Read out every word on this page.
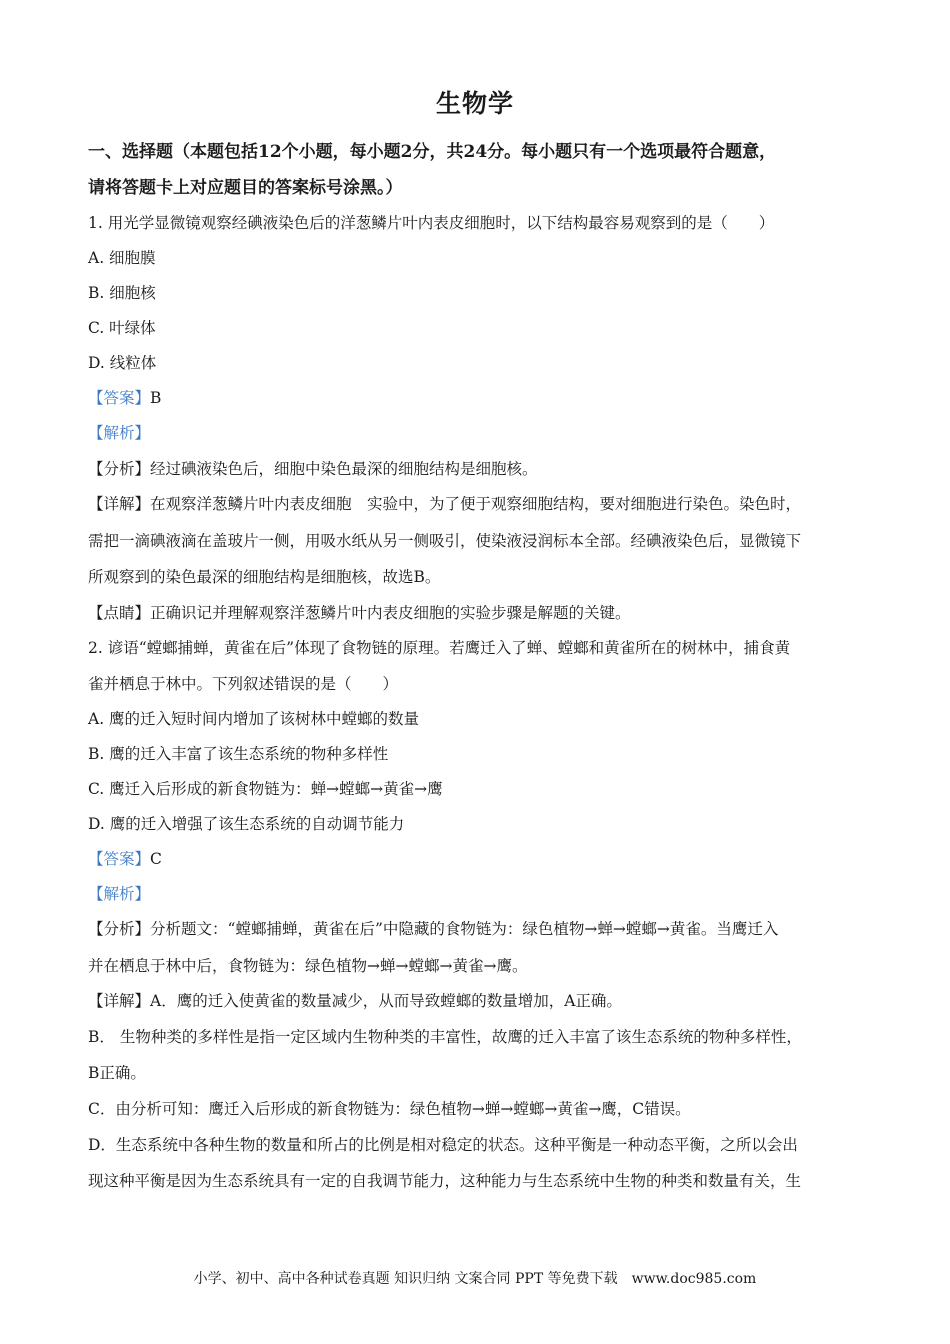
生物学
一、选择题（本题包括12个小题，每小题2分，共24分。每小题只有一个选项最符合题意，
请将答题卡上对应题目的答案标号涂黑。）
1. 用光学显微镜观察经碘液染色后的洋葱鳞片叶内表皮细胞时，以下结构最容易观察到的是（　　）
A. 细胞膜
B. 细胞核
C. 叶绿体
D. 线粒体
【答案】B
【解析】
【分析】经过碘液染色后，细胞中染色最深的细胞结构是细胞核。
【详解】在观察洋葱鳞片叶内表皮细胞　实验中，为了便于观察细胞结构，要对细胞进行染色。染色时，
需把一滴碘液滴在盖玻片一侧，用吸水纸从另一侧吸引，使染液浸润标本全部。经碘液染色后，显微镜下
所观察到的染色最深的细胞结构是细胞核，故选B。
【点睛】正确识记并理解观察洋葱鳞片叶内表皮细胞的实验步骤是解题的关键。
2. 谚语“螳螂捕蝉，黄雀在后”体现了食物链的原理。若鹰迁入了蝉、螳螂和黄雀所在的树林中，捕食黄
雀并栖息于林中。下列叙述错误的是（　　）
A. 鹰的迁入短时间内增加了该树林中螳螂的数量
B. 鹰的迁入丰富了该生态系统的物种多样性
C. 鹰迁入后形成的新食物链为：蝉→螳螂→黄雀→鹰
D. 鹰的迁入增强了该生态系统的自动调节能力
【答案】C
【解析】
【分析】分析题文：“螳螂捕蝉，黄雀在后”中隐藏的食物链为：绿色植物→蝉→螳螂→黄雀。当鹰迁入
并在栖息于林中后，食物链为：绿色植物→蝉→螳螂→黄雀→鹰。
【详解】A．鹰的迁入使黄雀的数量减少，从而导致螳螂的数量增加，A正确。
B． 生物种类的多样性是指一定区域内生物种类的丰富性，故鹰的迁入丰富了该生态系统的物种多样性，
B正确。
C．由分析可知：鹰迁入后形成的新食物链为：绿色植物→蝉→螳螂→黄雀→鹰，C错误。
D．生态系统中各种生物的数量和所占的比例是相对稳定的状态。这种平衡是一种动态平衡，之所以会出
现这种平衡是因为生态系统具有一定的自我调节能力，这种能力与生态系统中生物的种类和数量有关，生
小学、初中、高中各种试卷真题 知识归纳 文案合同 PPT 等免费下载　www.doc985.com
